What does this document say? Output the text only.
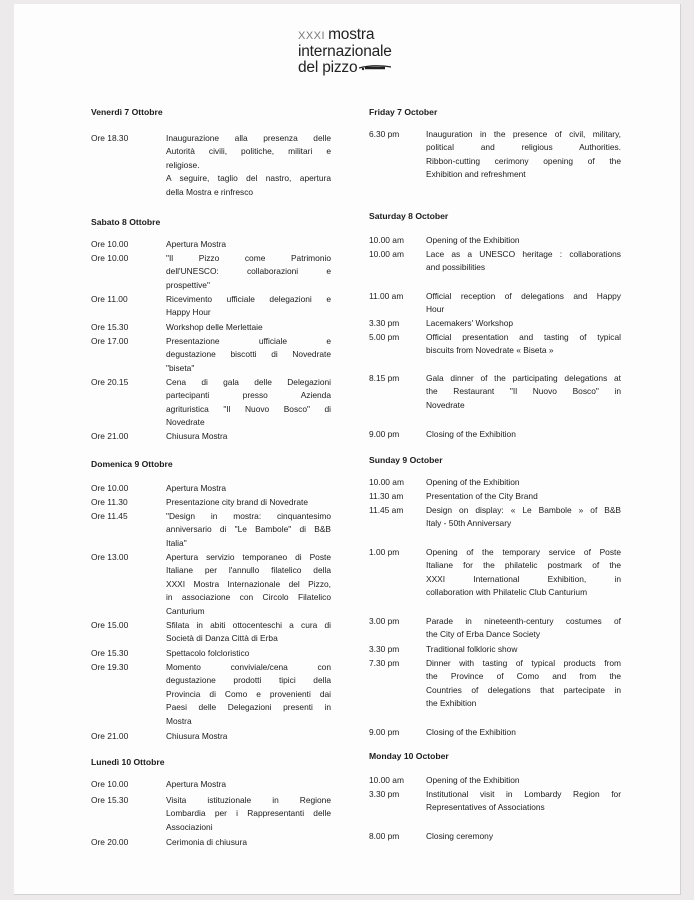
XXXI mostra
internazionale
del pizzo
Venerdì 7 Ottobre
Ore 18.30	Inaugurazione alla presenza delle
Autorità civili, politiche, militari e
religiose.
A seguire, taglio del nastro, apertura
della Mostra e rinfresco
Sabato 8 Ottobre
Ore 10.00	Apertura Mostra
Ore 10.00	"Il Pizzo come Patrimonio
dell'UNESCO: collaborazioni e
prospettive"
Ore 11.00	Ricevimento ufficiale delegazioni e
Happy Hour
Ore 15.30	Workshop delle Merlettaie
Ore 17.00	Presentazione ufficiale e
degustazione biscotti di Novedrate
"biseta"
Ore 20.15	Cena di gala delle Delegazioni
partecipanti presso Azienda
agrituristica "Il Nuovo Bosco" di
Novedrate
Ore 21.00	Chiusura Mostra
Domenica 9 Ottobre
Ore 10.00	Apertura Mostra
Ore 11.30	Presentazione city brand di Novedrate
Ore 11.45	"Design in mostra: cinquantesimo
anniversario di "Le Bambole" di B&B
Italia"
Ore 13.00	Apertura servizio temporaneo di Poste
Italiane per l'annullo filatelico della
XXXI Mostra Internazionale del Pizzo,
in associazione con Circolo Filatelico
Canturium
Ore 15.00	Sfilata in abiti ottocenteschi a cura di
Società di Danza Città di Erba
Ore 15.30	Spettacolo folcloristico
Ore 19.30	Momento conviviale/cena con
degustazione prodotti tipici della
Provincia di Como e provenienti dai
Paesi delle Delegazioni presenti in
Mostra
Ore 21.00	Chiusura Mostra
Lunedì 10 Ottobre
Ore 10.00	Apertura Mostra
Ore 15.30	Visita istituzionale in Regione
Lombardia per i Rappresentanti delle
Associazioni
Ore 20.00	Cerimonia di chiusura
Friday 7 October
6.30 pm	Inauguration in the presence of civil, military,
political and religious Authorities.
Ribbon-cutting cerimony opening of the
Exhibition and refreshment
Saturday 8 October
10.00 am	Opening of the Exhibition
10.00 am	Lace as a UNESCO heritage : collaborations
and possibilities
11.00 am	Official reception of delegations and Happy
Hour
3.30 pm	Lacemakers' Workshop
5.00 pm	Official presentation and tasting of typical
biscuits from Novedrate « Biseta »
8.15 pm	Gala dinner of the participating delegations at
the Restaurant "Il Nuovo Bosco" in
Novedrate
9.00 pm	Closing of the Exhibition
Sunday 9 October
10.00 am	Opening of the Exhibition
11.30 am	Presentation of the City Brand
11.45 am	Design on display: « Le Bambole » of B&B
Italy - 50th Anniversary
1.00 pm	Opening of the temporary service of Poste
Italiane for the philatelic postmark of the
XXXI International Exhibition, in
collaboration with Philatelic Club Canturium
3.00 pm	Parade in nineteenth-century costumes of
the City of Erba Dance Society
3.30 pm	Traditional folkloric show
7.30 pm	Dinner with tasting of typical products from
the Province of Como and from the
Countries of delegations that partecipate in
the Exhibition
9.00 pm	Closing of the Exhibition
Monday 10 October
10.00 am	Opening of the Exhibition
3.30 pm	Institutional visit in Lombardy Region for
Representatives of Associations
8.00 pm	Closing ceremony
